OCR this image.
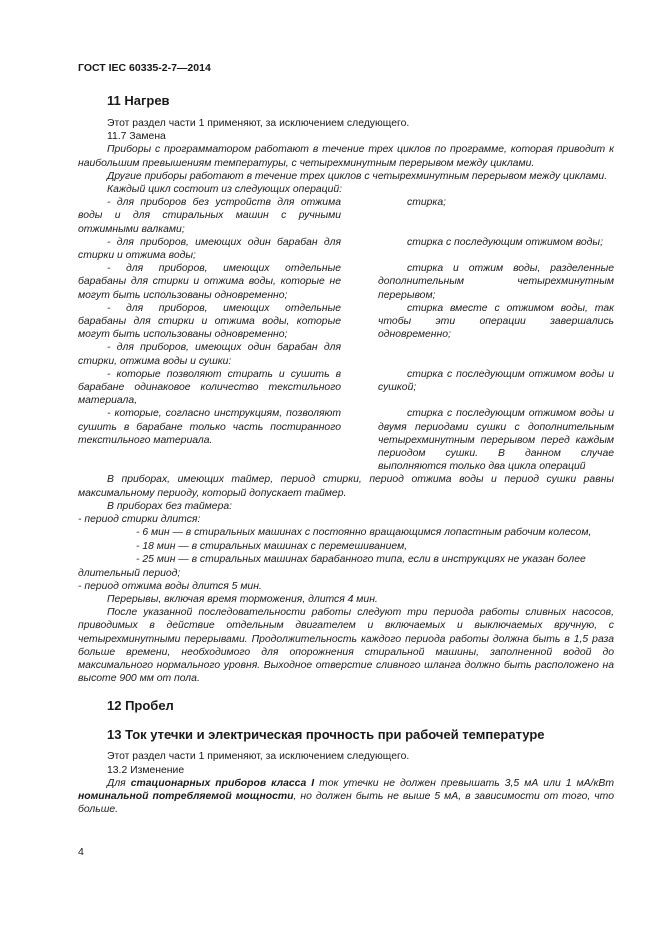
ГОСТ IEC 60335-2-7—2014
11 Нагрев

Этот раздел части 1 применяют, за исключением следующего.

11.7 Замена

Приборы с программатором работают в течение трех циклов по программе, которая приводит к наибольшим превышениям температуры, с четырехминутным перерывом между циклами.

Другие приборы работают в течение трех циклов с четырехминутным перерывом между циклами.

Каждый цикл состоит из следующих операций:

- для приборов без устройств для отжима воды и для стиральных машин с ручными отжимными валками;

стирка;

- для приборов, имеющих один барабан для стирки и отжима воды;

стирка с последующим отжимом воды;

- для приборов, имеющих отдельные барабаны для стирки и отжима воды, которые не могут быть использованы одновременно;

стирка и отжим воды, разделенные дополнительным четырехминутным перерывом;

- для приборов, имеющих отдельные барабаны для стирки и отжима воды, которые могут быть использованы одновременно;

стирка вместе с отжимом воды, так чтобы эти операции завершались одновременно;

- для приборов, имеющих один барабан для стирки, отжима воды и сушки:

- которые позволяют стирать и сушить в барабане одинаковое количество текстильного материала,

стирка с последующим отжимом воды и сушкой;

- которые, согласно инструкциям, позволяют сушить в барабане только часть постирaнного текстильного материала.

стирка с последующим отжимом воды и двумя периодами сушки с дополнительным четырехминутным перерывом перед каждым периодом сушки. В данном случае выполняются только два цикла операций

В приборах, имеющих таймер, период стирки, период отжима воды и период сушки равны максимальному периоду, который допускает таймер.

В приборах без таймера:

- период стирки длится:

- 6 мин — в стиральных машинах с постоянно вращающимся лопастным рабочим колесом,

- 18 мин — в стиральных машинах с перемешиванием,

- 25 мин — в стиральных машинах барабанного типа, если в инструкциях не указан более

длительный период;

- период отжима воды длится 5 мин.

Перерывы, включая время торможения, длится 4 мин.

После указанной последовательности работы следуют три периода работы сливных насосов, приводимых в действие отдельным двигателем и включаемых и выключаемых вручную, с четырехминутными перерывами. Продолжительность каждого периода работы должна быть в 1,5 раза больше времени, необходимого для опорожнения стиральной машины, заполненной водой до максимального нормального уровня. Выходное отверстие сливного шланга должно быть расположено на высоте 900 мм от пола.

12 Пробел
13 Ток утечки и электрическая прочность при рабочей температуре

Этот раздел части 1 применяют, за исключением следующего.

13.2 Изменение

Для стационарных приборов класса I ток утечки не должен превышать 3,5 мА или 1 мА/кВт номинальной потребляемой мощности, но должен быть не выше 5 мА, в зависимости от того, что больше.

4
